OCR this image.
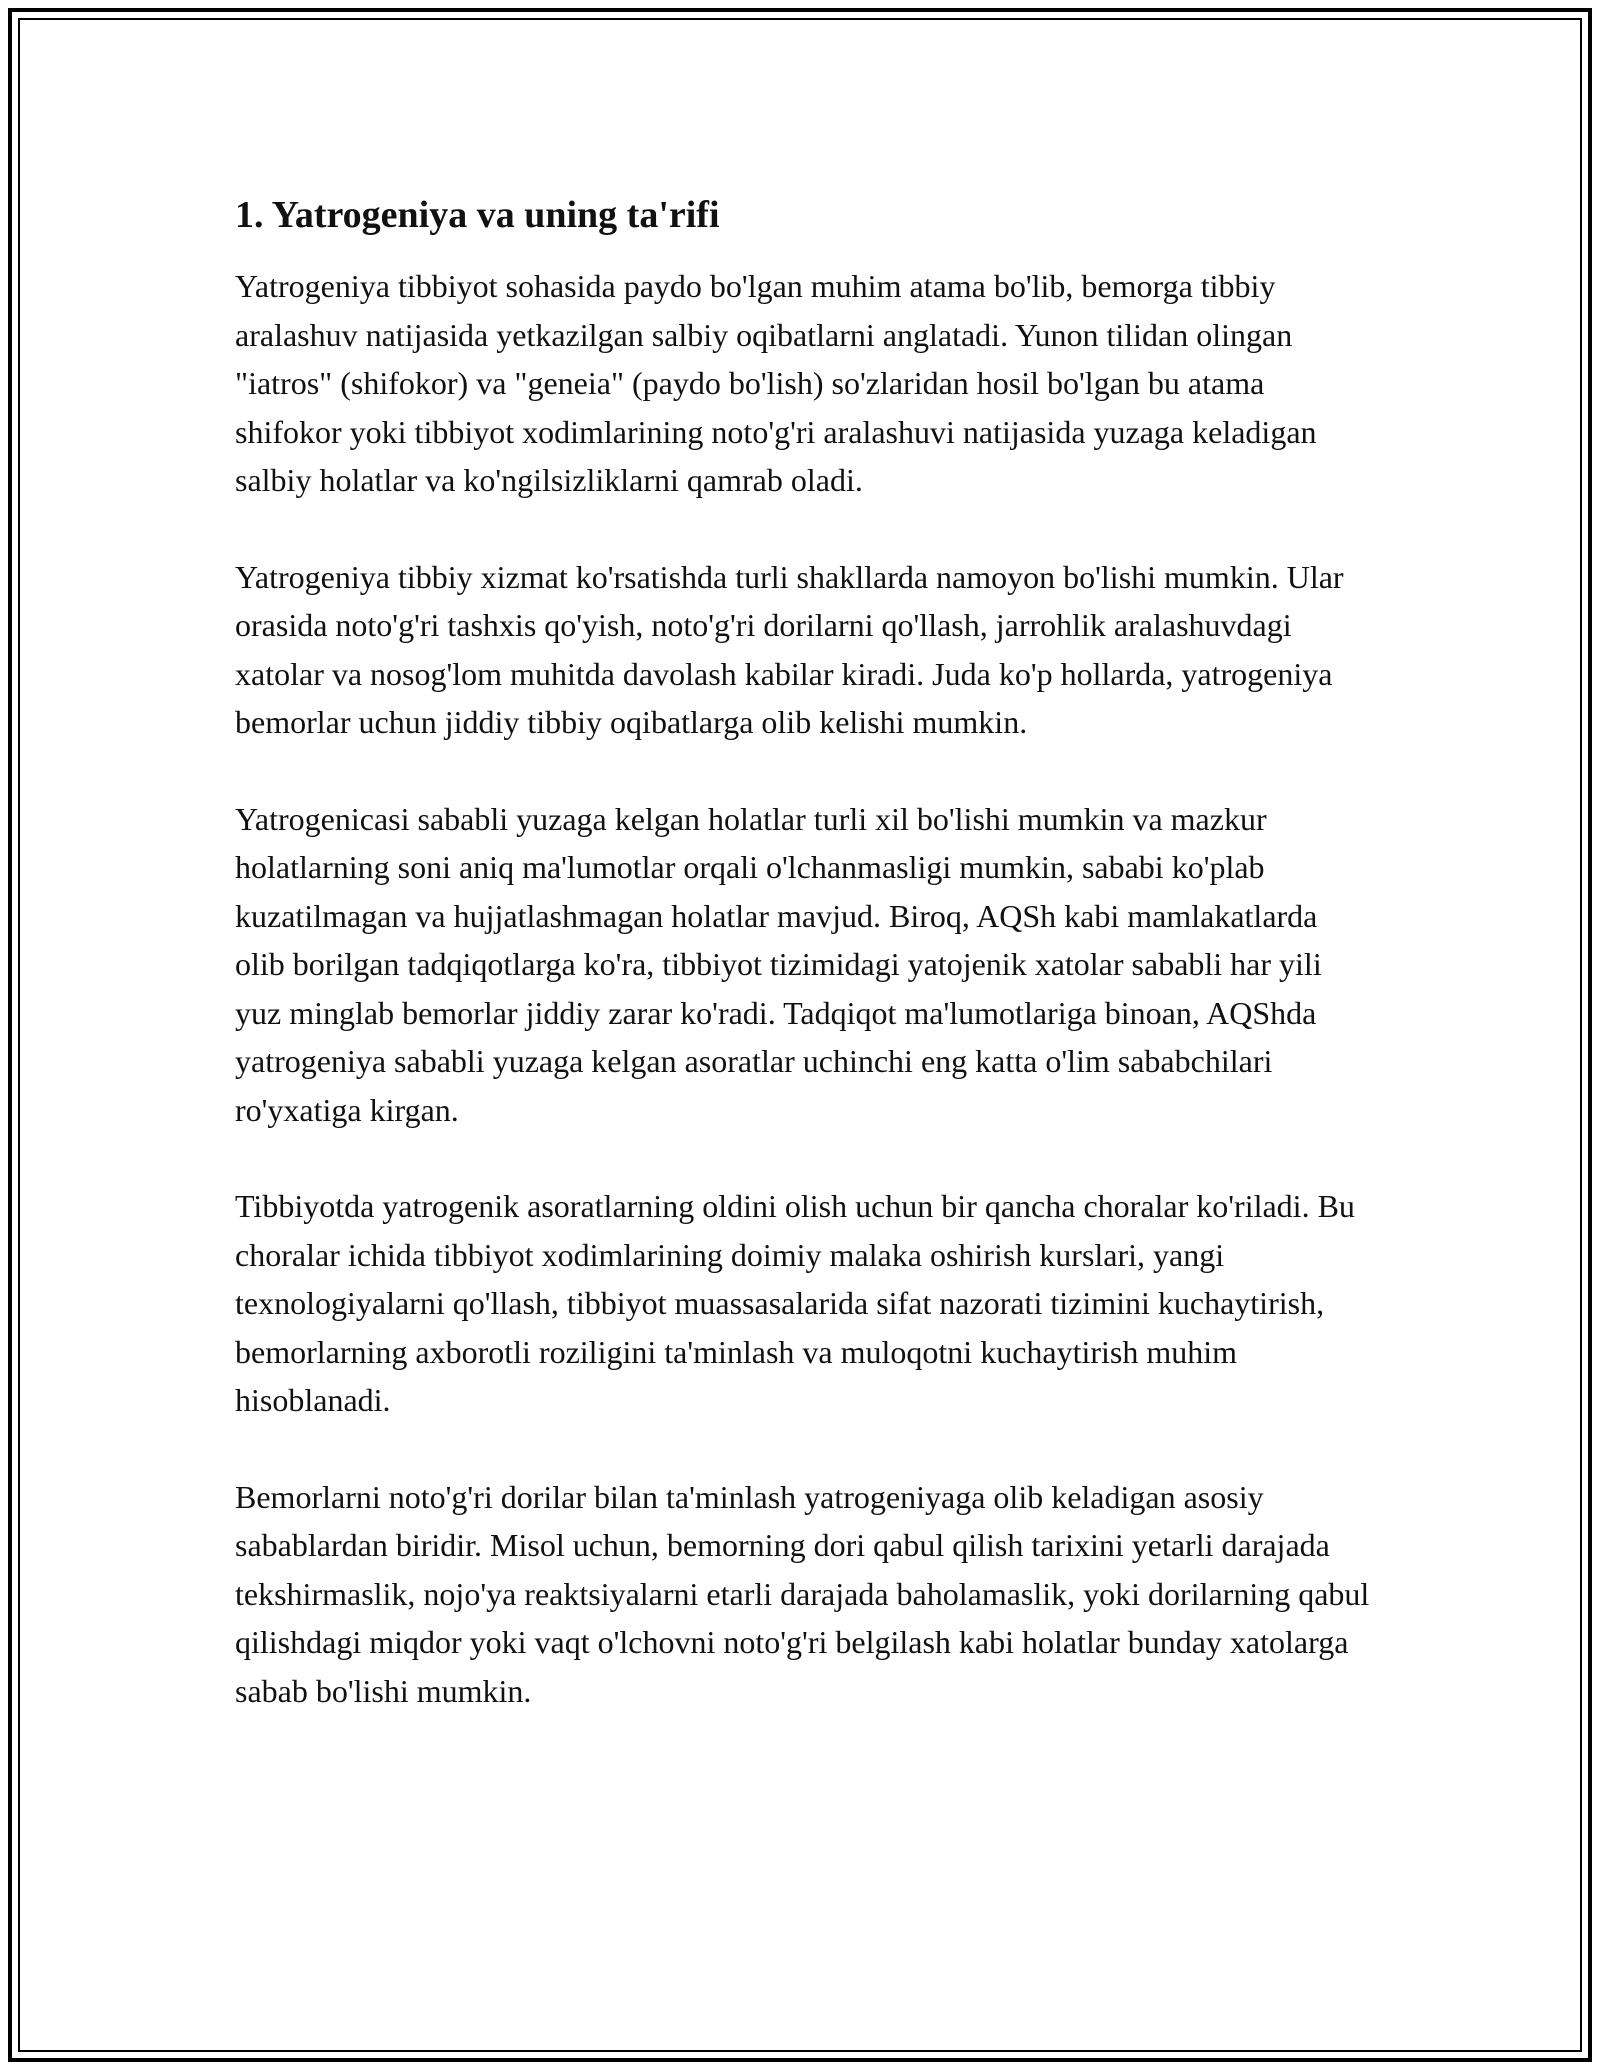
1. Yatrogeniya va uning ta'rifi

Yatrogeniya tibbiyot sohasida paydo bo'lgan muhim atama bo'lib, bemorga tibbiy aralashuv natijasida yetkazilgan salbiy oqibatlarni anglatadi. Yunon tilidan olingan "iatros" (shifokor) va "geneia" (paydo bo'lish) so'zlaridan hosil bo'lgan bu atama shifokor yoki tibbiyot xodimlarining noto'g'ri aralashuvi natijasida yuzaga keladigan salbiy holatlar va ko'ngilsizliklarni qamrab oladi.

Yatrogeniya tibbiy xizmat ko'rsatishda turli shakllarda namoyon bo'lishi mumkin. Ular orasida noto'g'ri tashxis qo'yish, noto'g'ri dorilarni qo'llash, jarrohlik aralashuvdagi xatolar va nosog'lom muhitda davolash kabilar kiradi. Juda ko'p hollarda, yatrogeniya bemorlar uchun jiddiy tibbiy oqibatlarga olib kelishi mumkin.

Yatrogenicasi sababli yuzaga kelgan holatlar turli xil bo'lishi mumkin va mazkur holatlarning soni aniq ma'lumotlar orqali o'lchanmasligi mumkin, sababi ko'plab kuzatilmagan va hujjatlashmagan holatlar mavjud. Biroq, AQSh kabi mamlakatlarda olib borilgan tadqiqotlarga ko'ra, tibbiyot tizimidagi yatojenik xatolar sababli har yili yuz minglab bemorlar jiddiy zarar ko'radi. Tadqiqot ma'lumotlariga binoan, AQShda yatrogeniya sababli yuzaga kelgan asoratlar uchinchi eng katta o'lim sababchilari ro'yxatiga kirgan.

Tibbiyotda yatrogenik asoratlarning oldini olish uchun bir qancha choralar ko'riladi. Bu choralar ichida tibbiyot xodimlarining doimiy malaka oshirish kurslari, yangi texnologiyalarni qo'llash, tibbiyot muassasalarida sifat nazorati tizimini kuchaytirish, bemorlarning axborotli roziligini ta'minlash va muloqotni kuchaytirish muhim hisoblanadi.

Bemorlarni noto'g'ri dorilar bilan ta'minlash yatrogeniyaga olib keladigan asosiy sabablardan biridir. Misol uchun, bemorning dori qabul qilish tarixini yetarli darajada tekshirmaslik, nojo'ya reaktsiyalarni etarli darajada baholamaslik, yoki dorilarning qabul qilishdagi miqdor yoki vaqt o'lchovni noto'g'ri belgilash kabi holatlar bunday xatolarga sabab bo'lishi mumkin.
